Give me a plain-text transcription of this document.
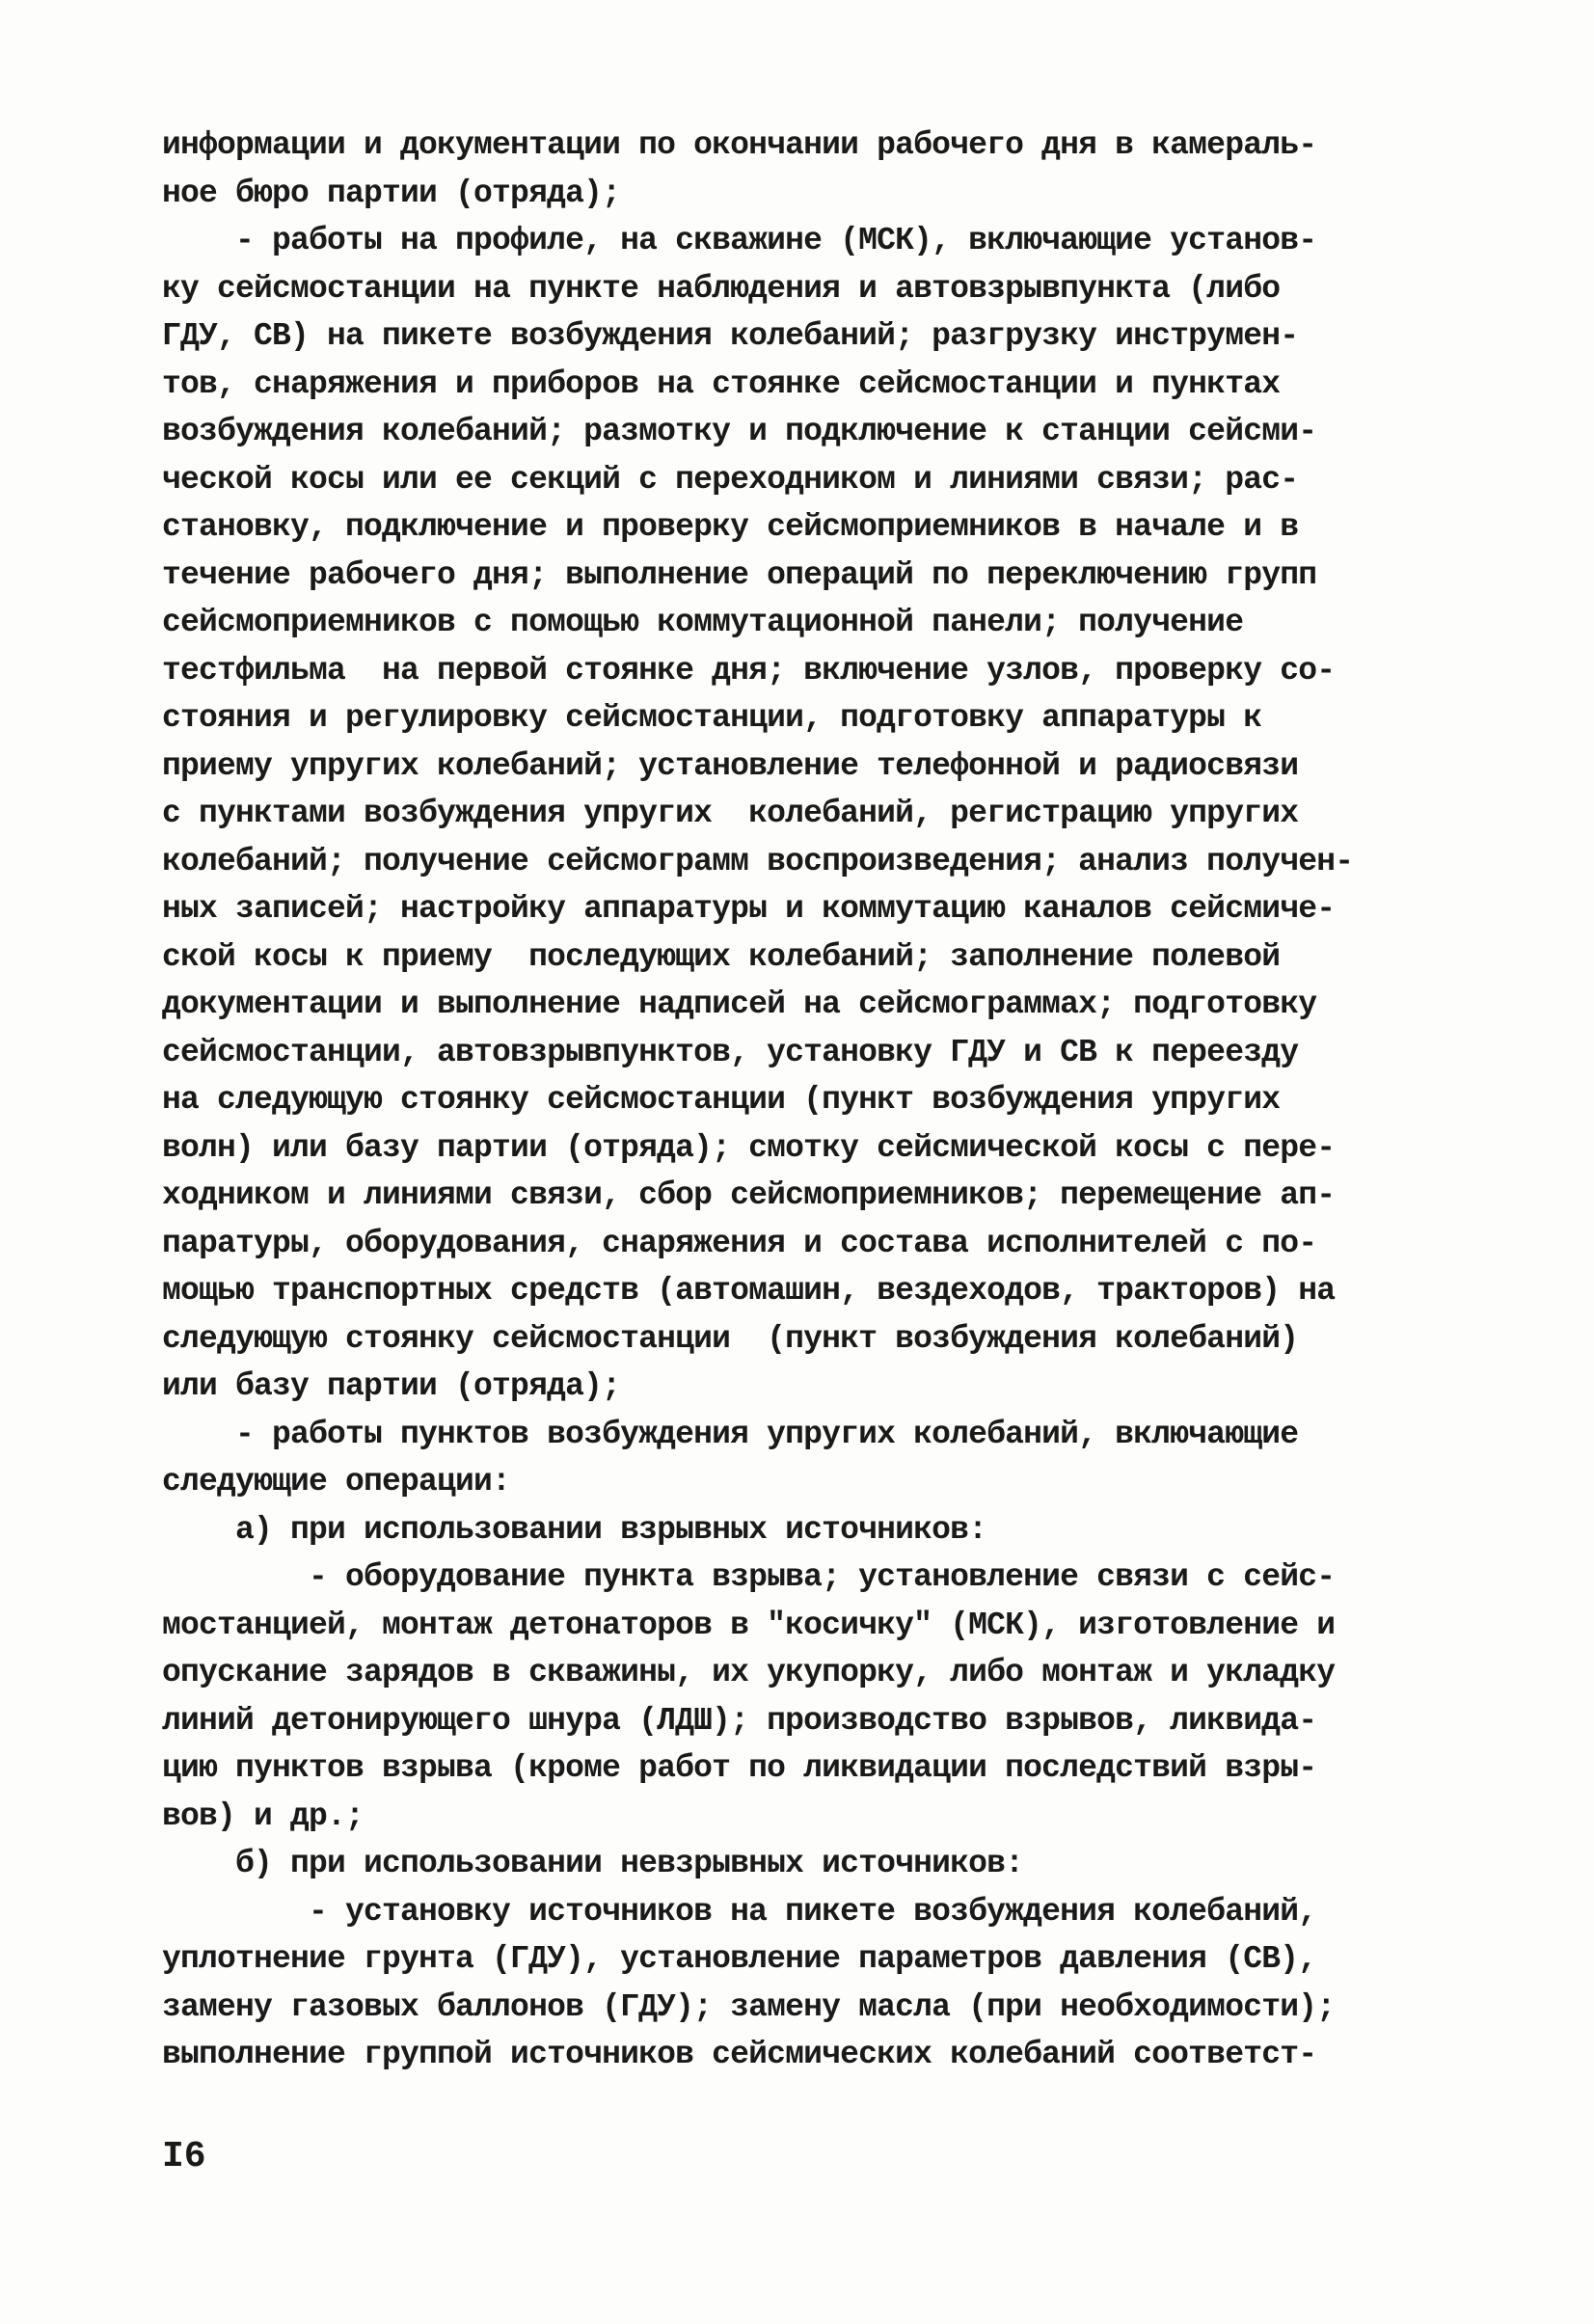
информации и документации по окончании рабочего дня в камераль-
ное бюро партии (отряда);
- работы на профиле, на скважине (МСК), включающие установ-
ку сейсмостанции на пункте наблюдения и автовзрывпункта (либо
ГДУ, СВ) на пикете возбуждения колебаний; разгрузку инструмен-
тов, снаряжения и приборов на стоянке сейсмостанции и пунктах
возбуждения колебаний; размотку и подключение к станции сейсми-
ческой косы или ее секций с переходником и линиями связи; рас-
становку, подключение и проверку сейсмоприемников в начале и в
течение рабочего дня; выполнение операций по переключению групп
сейсмоприемников с помощью коммутационной панели; получение
тестфильма  на первой стоянке дня; включение узлов, проверку со-
стояния и регулировку сейсмостанции, подготовку аппаратуры к
приему упругих колебаний; установление телефонной и радиосвязи
с пунктами возбуждения упругих  колебаний, регистрацию упругих
колебаний; получение сейсмограмм воспроизведения; анализ получен-
ных записей; настройку аппаратуры и коммутацию каналов сейсмиче-
ской косы к приему  последующих колебаний; заполнение полевой
документации и выполнение надписей на сейсмограммах; подготовку
сейсмостанции, автовзрывпунктов, установку ГДУ и СВ к переезду
на следующую стоянку сейсмостанции (пункт возбуждения упругих
волн) или базу партии (отряда); смотку сейсмической косы с пере-
ходником и линиями связи, сбор сейсмоприемников; перемещение ап-
паратуры, оборудования, снаряжения и состава исполнителей с по-
мощью транспортных средств (автомашин, вездеходов, тракторов) на
следующую стоянку сейсмостанции  (пункт возбуждения колебаний)
или базу партии (отряда);
- работы пунктов возбуждения упругих колебаний, включающие
следующие операции:
а) при использовании взрывных источников:
- оборудование пункта взрыва; установление связи с сейс-
мостанцией, монтаж детонаторов в "косичку" (МСК), изготовление и
опускание зарядов в скважины, их укупорку, либо монтаж и укладку
линий детонирующего шнура (ЛДШ); производство взрывов, ликвида-
цию пунктов взрыва (кроме работ по ликвидации последствий взры-
вов) и др.;
б) при использовании невзрывных источников:
- установку источников на пикете возбуждения колебаний,
уплотнение грунта (ГДУ), установление параметров давления (СВ),
замену газовых баллонов (ГДУ); замену масла (при необходимости);
выполнение группой источников сейсмических колебаний соответст-
I6
